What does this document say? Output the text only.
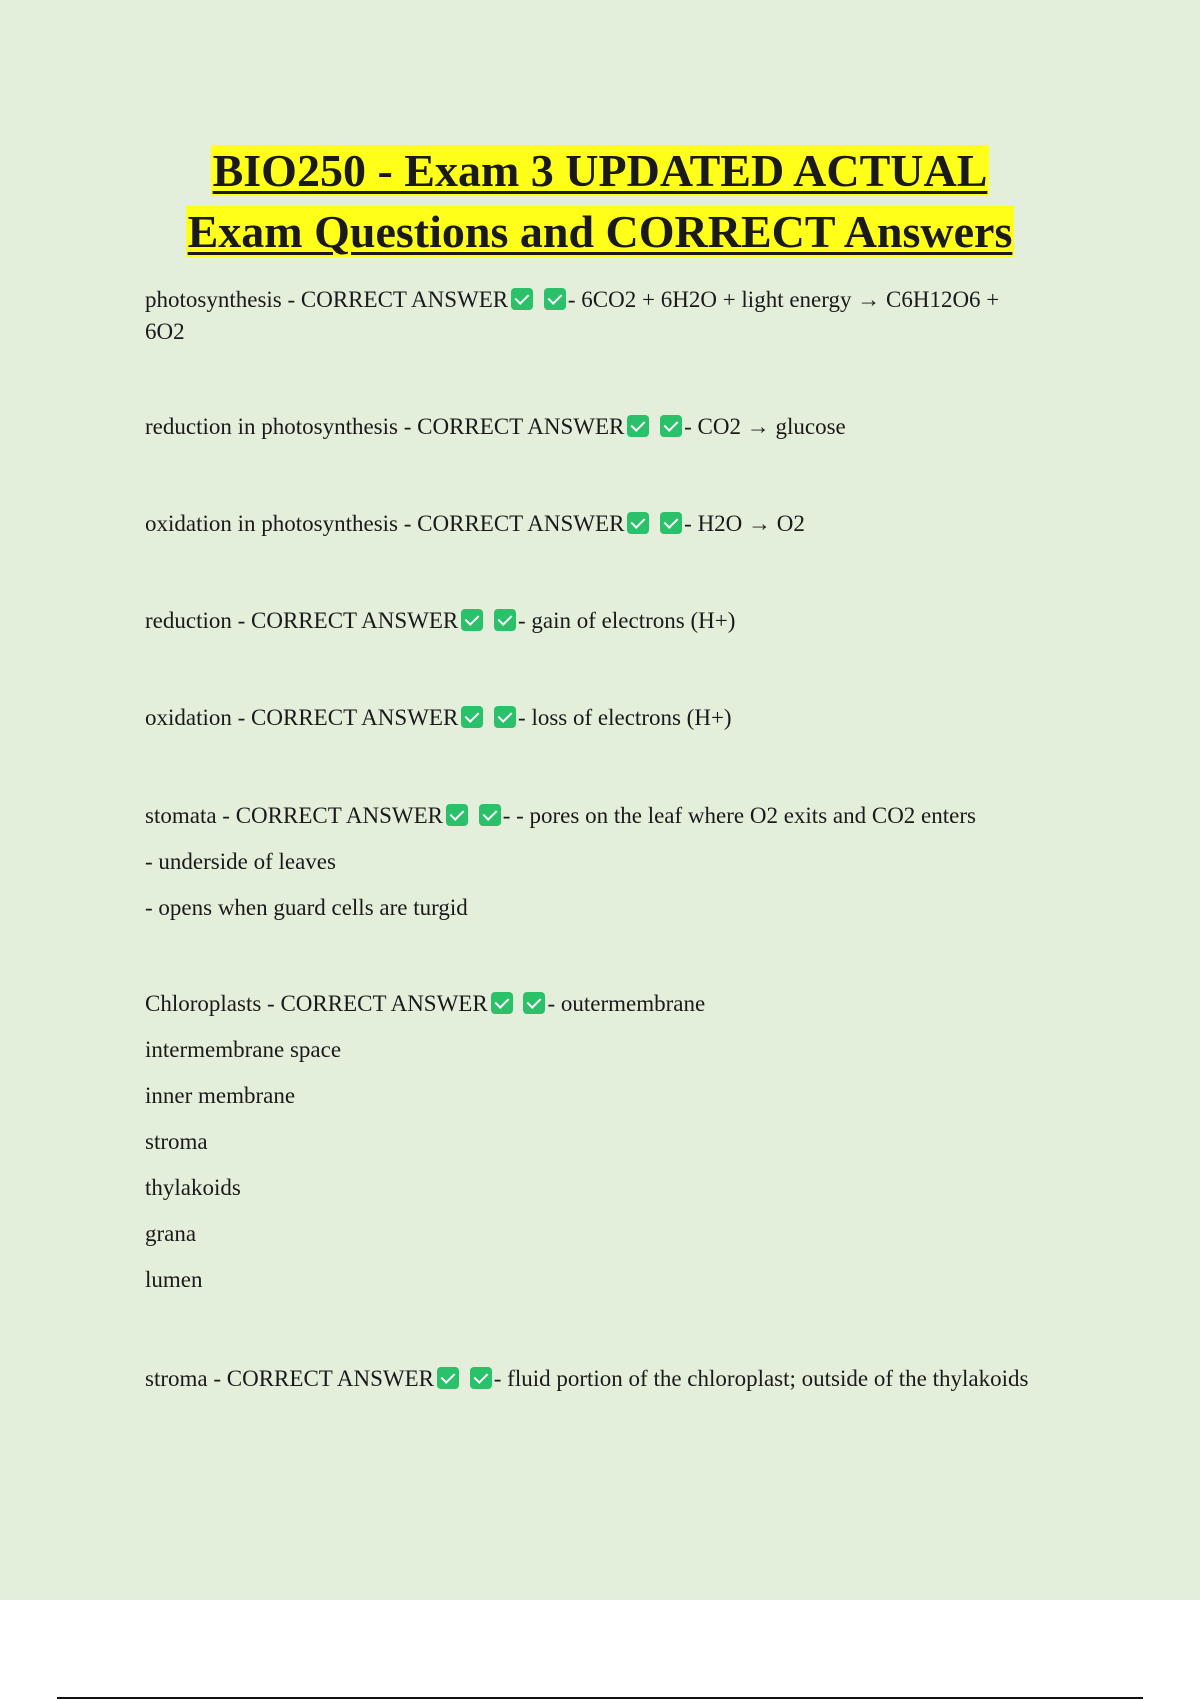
BIO250 - Exam 3 UPDATED ACTUAL
Exam Questions and CORRECT Answers
photosynthesis - CORRECT ANSWER	- 6CO2 + 6H2O + light energy → C6H12O6 +
6O2
reduction in photosynthesis - CORRECT ANSWER	- CO2 → glucose
oxidation in photosynthesis - CORRECT ANSWER	- H2O → O2
reduction - CORRECT ANSWER	- gain of electrons (H+)
oxidation - CORRECT ANSWER	- loss of electrons (H+)
stomata - CORRECT ANSWER	- - pores on the leaf where O2 exits and CO2 enters
- underside of leaves
- opens when guard cells are turgid
Chloroplasts - CORRECT ANSWER	- outermembrane
intermembrane space
inner membrane
stroma
thylakoids
grana
lumen
stroma - CORRECT ANSWER	- fluid portion of the chloroplast; outside of the thylakoids
